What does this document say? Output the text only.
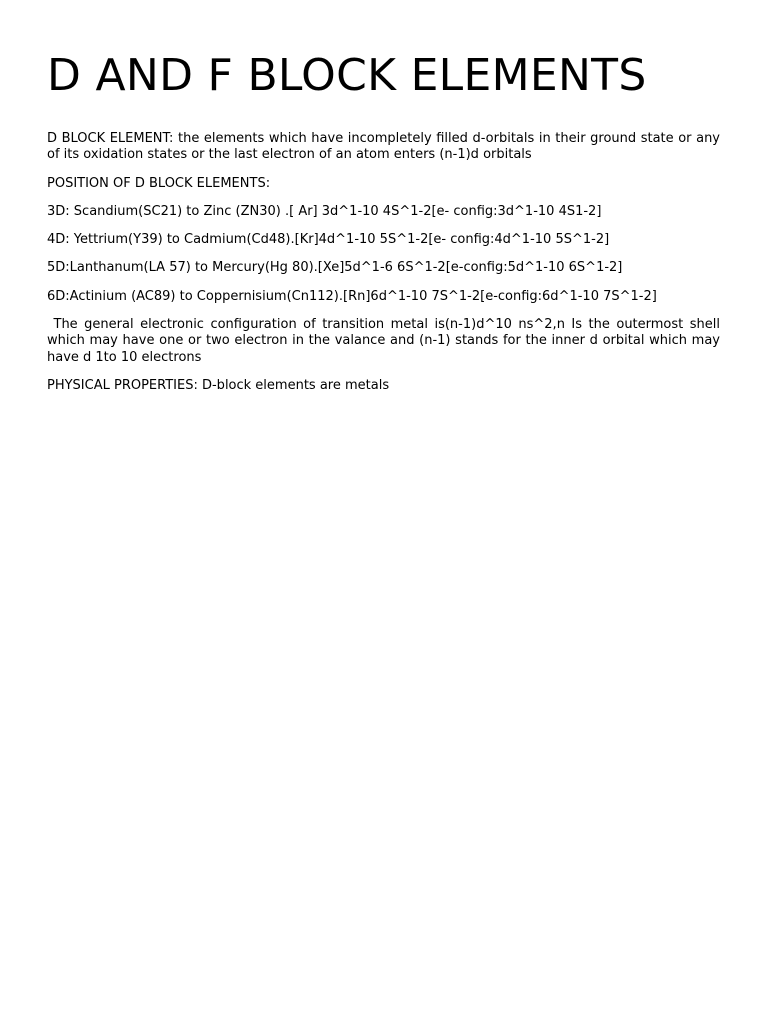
D AND F BLOCK ELEMENTS

D BLOCK ELEMENT: the elements which have incompletely filled d-orbitals in their ground state or any of its oxidation states or the last electron of an atom enters (n-1)d orbitals

POSITION OF D BLOCK ELEMENTS:

3D: Scandium(SC21) to Zinc (ZN30) .[ Ar] 3d^1-10 4S^1-2[e- config:3d^1-10 4S1-2]

4D: Yettrium(Y39) to Cadmium(Cd48).[Kr]4d^1-10 5S^1-2[e- config:4d^1-10 5S^1-2]

5D:Lanthanum(LA 57) to Mercury(Hg 80).[Xe]5d^1-6 6S^1-2[e-config:5d^1-10 6S^1-2]

6D:Actinium (AC89) to Coppernisium(Cn112).[Rn]6d^1-10 7S^1-2[e-config:6d^1-10 7S^1-2]

The general electronic configuration of transition metal is(n-1)d^10 ns^2,n Is the outermost shell which may have one or two electron in the valance and (n-1) stands for the inner d orbital which may have d 1to 10 electrons

PHYSICAL PROPERTIES: D-block elements are metals
